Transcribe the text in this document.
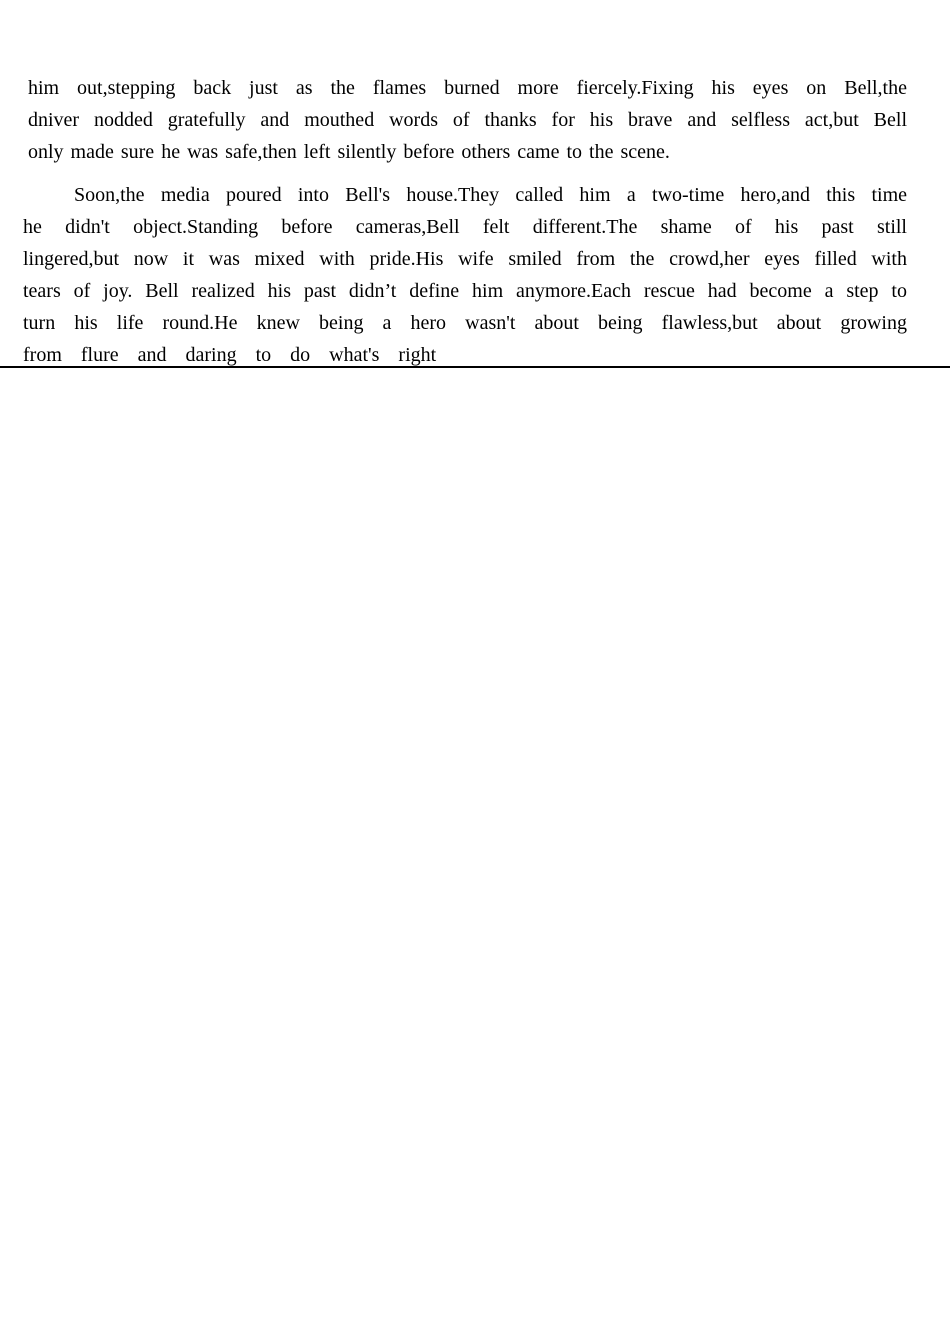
him out,stepping back just as the flames burned more fiercely.Fixing his eyes on Bell,the
dniver nodded gratefully and mouthed words of thanks for his brave and selfless act,but Bell
only made sure he was safe,then left silently before others came to the scene.
Soon,the media poured into Bell's house.They called him a two-time hero,and this time
he didn't object.Standing before cameras,Bell felt different.The shame of his past still
lingered,but now it was mixed with pride.His wife smiled from the crowd,her eyes filled with
tears of joy. Bell realized his past didn’t define him anymore.Each rescue had become a step to
turn his life round.He knew being a hero wasn't about being flawless,but about growing
from flure and daring to do what's right
